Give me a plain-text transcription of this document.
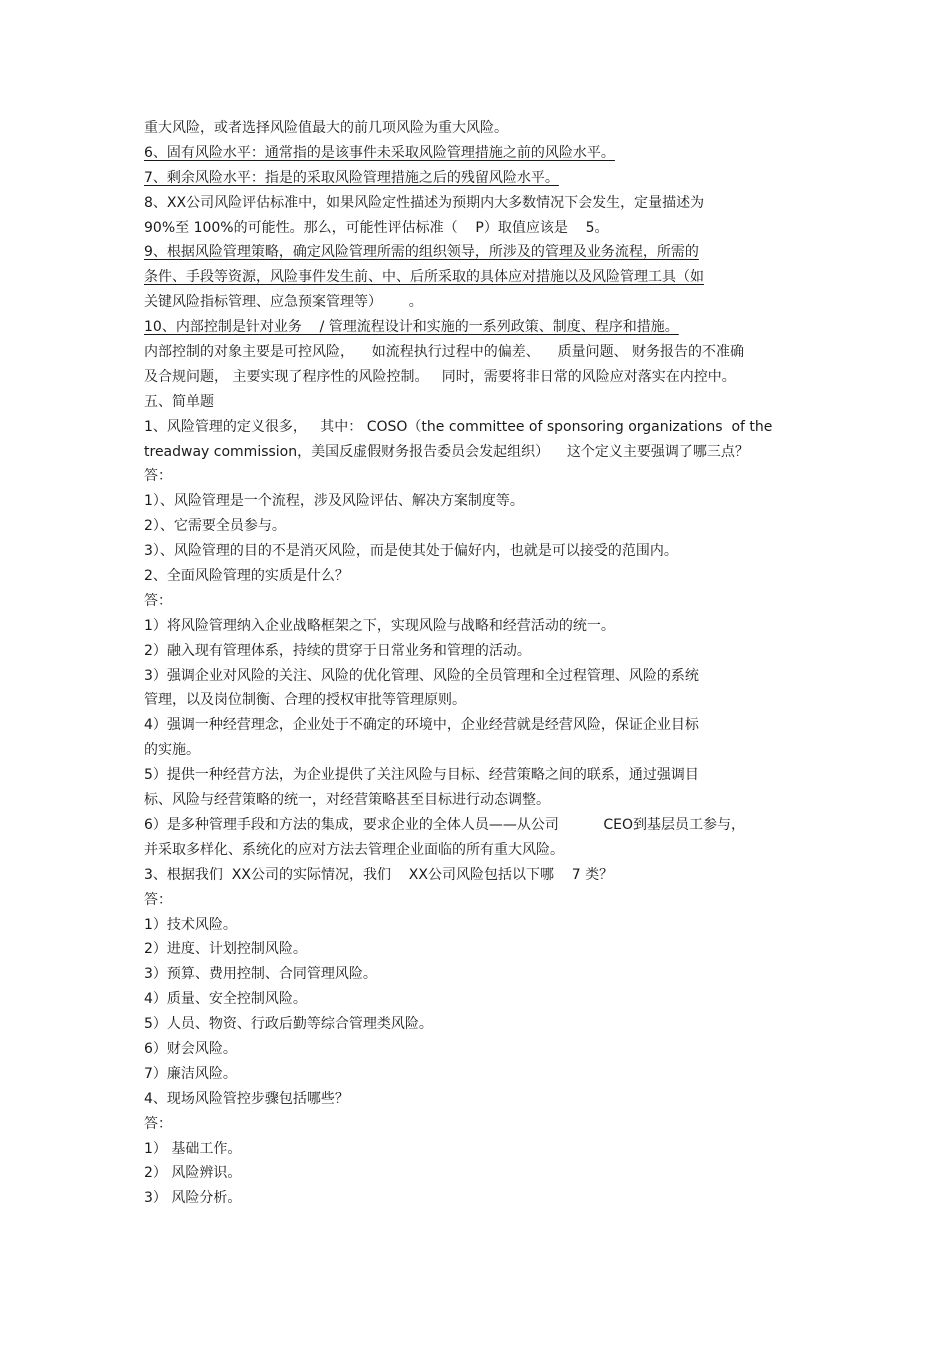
重大风险，或者选择风险值最大的前几项风险为重大风险。
6、固有风险水平：通常指的是该事件未采取风险管理措施之前的风险水平。
7、剩余风险水平：指是的采取风险管理措施之后的残留风险水平。
8、XX公司风险评估标准中，如果风险定性描述为预期内大多数情况下会发生，定量描述为
90%至 100%的可能性。那么，可能性评估标准（    P）取值应该是    5。
9、根据风险管理策略，确定风险管理所需的组织领导，所涉及的管理及业务流程，所需的
条件、手段等资源，风险事件发生前、中、后所采取的具体应对措施以及风险管理工具（如
关键风险指标管理、应急预案管理等）      。
10、内部控制是针对业务    / 管理流程设计和实施的一系列政策、制度、程序和措施。
内部控制的对象主要是可控风险，    如流程执行过程中的偏差、    质量问题、 财务报告的不准确
及合规问题， 主要实现了程序性的风险控制。   同时，需要将非日常的风险应对落实在内控中。
五、简单题
1、风险管理的定义很多，   其中： COSO（the committee of sponsoring organizations  of the
treadway commission，美国反虚假财务报告委员会发起组织）    这个定义主要强调了哪三点？
答：
1）、风险管理是一个流程，涉及风险评估、解决方案制度等。
2）、它需要全员参与。
3）、风险管理的目的不是消灭风险，而是使其处于偏好内，也就是可以接受的范围内。
2、全面风险管理的实质是什么？
答：
1）将风险管理纳入企业战略框架之下，实现风险与战略和经营活动的统一。
2）融入现有管理体系，持续的贯穿于日常业务和管理的活动。
3）强调企业对风险的关注、风险的优化管理、风险的全员管理和全过程管理、风险的系统
管理，以及岗位制衡、合理的授权审批等管理原则。
4）强调一种经营理念，企业处于不确定的环境中，企业经营就是经营风险，保证企业目标
的实施。
5）提供一种经营方法，为企业提供了关注风险与目标、经营策略之间的联系，通过强调目
标、风险与经营策略的统一，对经营策略甚至目标进行动态调整。
6）是多种管理手段和方法的集成，要求企业的全体人员——从公司          CEO到基层员工参与，
并采取多样化、系统化的应对方法去管理企业面临的所有重大风险。
3、根据我们  XX公司的实际情况，我们    XX公司风险包括以下哪    7 类？
答：
1）技术风险。
2）进度、计划控制风险。
3）预算、费用控制、合同管理风险。
4）质量、安全控制风险。
5）人员、物资、行政后勤等综合管理类风险。
6）财会风险。
7）廉洁风险。
4、现场风险管控步骤包括哪些？
答：
1） 基础工作。
2） 风险辨识。
3） 风险分析。
